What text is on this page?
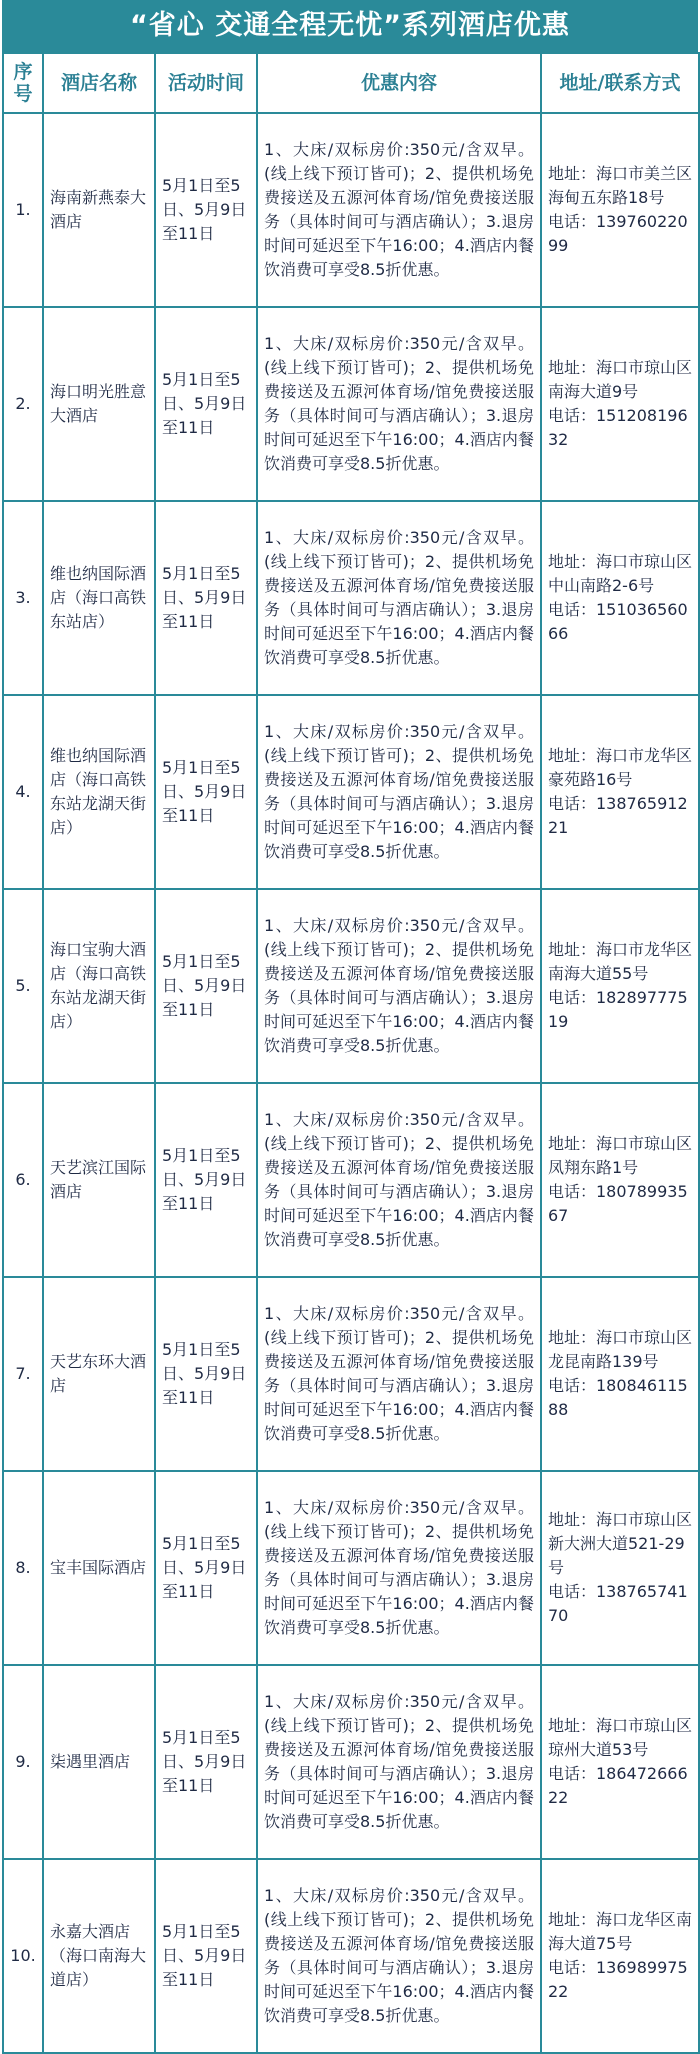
“省心 交通全程无忧”系列酒店优惠
序号	酒店名称	活动时间	优惠内容	地址/联系方式
1.	海南新燕泰大酒店	5月1日至5日、5月9日至11日	1、大床/双标房价:350元/含双早。(线上线下预订皆可)；2、提供机场免费接送及五源河体育场/馆免费接送服务（具体时间可与酒店确认）；3.退房时间可延迟至下午16:00；4.酒店内餐饮消费可享受8.5折优惠。	地址：海口市美兰区海甸五东路18号
电话：13976022099
2.	海口明光胜意大酒店	5月1日至5日、5月9日至11日	1、大床/双标房价:350元/含双早。(线上线下预订皆可)；2、提供机场免费接送及五源河体育场/馆免费接送服务（具体时间可与酒店确认）；3.退房时间可延迟至下午16:00；4.酒店内餐饮消费可享受8.5折优惠。	地址：海口市琼山区南海大道9号
电话：15120819632
3.	维也纳国际酒店（海口高铁东站店）	5月1日至5日、5月9日至11日	1、大床/双标房价:350元/含双早。(线上线下预订皆可)；2、提供机场免费接送及五源河体育场/馆免费接送服务（具体时间可与酒店确认）；3.退房时间可延迟至下午16:00；4.酒店内餐饮消费可享受8.5折优惠。	地址：海口市琼山区中山南路2-6号
电话：15103656066
4.	维也纳国际酒店（海口高铁东站龙湖天街店）	5月1日至5日、5月9日至11日	1、大床/双标房价:350元/含双早。(线上线下预订皆可)；2、提供机场免费接送及五源河体育场/馆免费接送服务（具体时间可与酒店确认）；3.退房时间可延迟至下午16:00；4.酒店内餐饮消费可享受8.5折优惠。	地址：海口市龙华区豪苑路16号
电话：13876591221
5.	海口宝驹大酒店（海口高铁东站龙湖天街店）	5月1日至5日、5月9日至11日	1、大床/双标房价:350元/含双早。(线上线下预订皆可)；2、提供机场免费接送及五源河体育场/馆免费接送服务（具体时间可与酒店确认）；3.退房时间可延迟至下午16:00；4.酒店内餐饮消费可享受8.5折优惠。	地址：海口市龙华区南海大道55号
电话：18289777519
6.	天艺滨江国际酒店	5月1日至5日、5月9日至11日	1、大床/双标房价:350元/含双早。(线上线下预订皆可)；2、提供机场免费接送及五源河体育场/馆免费接送服务（具体时间可与酒店确认）；3.退房时间可延迟至下午16:00；4.酒店内餐饮消费可享受8.5折优惠。	地址：海口市琼山区凤翔东路1号
电话：18078993567
7.	天艺东环大酒店	5月1日至5日、5月9日至11日	1、大床/双标房价:350元/含双早。(线上线下预订皆可)；2、提供机场免费接送及五源河体育场/馆免费接送服务（具体时间可与酒店确认）；3.退房时间可延迟至下午16:00；4.酒店内餐饮消费可享受8.5折优惠。	地址：海口市琼山区龙昆南路139号
电话：18084611588
8.	宝丰国际酒店	5月1日至5日、5月9日至11日	1、大床/双标房价:350元/含双早。(线上线下预订皆可)；2、提供机场免费接送及五源河体育场/馆免费接送服务（具体时间可与酒店确认）；3.退房时间可延迟至下午16:00；4.酒店内餐饮消费可享受8.5折优惠。	地址：海口市琼山区新大洲大道521-29号
电话：13876574170
9.	柒遇里酒店	5月1日至5日、5月9日至11日	1、大床/双标房价:350元/含双早。(线上线下预订皆可)；2、提供机场免费接送及五源河体育场/馆免费接送服务（具体时间可与酒店确认）；3.退房时间可延迟至下午16:00；4.酒店内餐饮消费可享受8.5折优惠。	地址：海口市琼山区琼州大道53号
电话：18647266622
10.	永嘉大酒店（海口南海大道店）	5月1日至5日、5月9日至11日	1、大床/双标房价:350元/含双早。(线上线下预订皆可)；2、提供机场免费接送及五源河体育场/馆免费接送服务（具体时间可与酒店确认）；3.退房时间可延迟至下午16:00；4.酒店内餐饮消费可享受8.5折优惠。	地址：海口龙华区南海大道75号
电话：13698997522
